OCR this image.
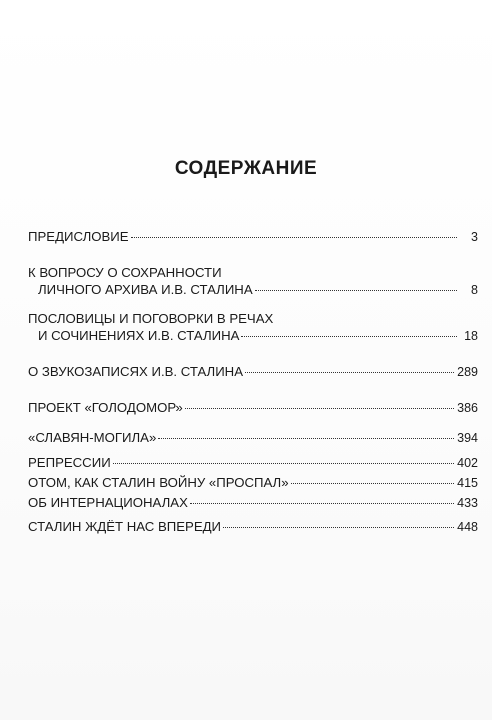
СОДЕРЖАНИЕ
ПРЕДИСЛОВИЕ	3
К ВОПРОСУ О СОХРАННОСТИ
ЛИЧНОГО АРХИВА И.В. СТАЛИНА	8
ПОСЛОВИЦЫ И ПОГОВОРКИ В РЕЧАХ
И СОЧИНЕНИЯХ И.В. СТАЛИНА	18
О ЗВУКОЗАПИСЯХ И.В. СТАЛИНА	289
ПРОЕКТ «ГОЛОДОМОР»	386
«СЛАВЯН-МОГИЛА»	394
РЕПРЕССИИ	402
ОТОМ, КАК СТАЛИН ВОЙНУ «ПРОСПАЛ»	415
ОБ ИНТЕРНАЦИОНАЛАХ	433
СТАЛИН ЖДЁТ НАС ВПЕРЕДИ	448
